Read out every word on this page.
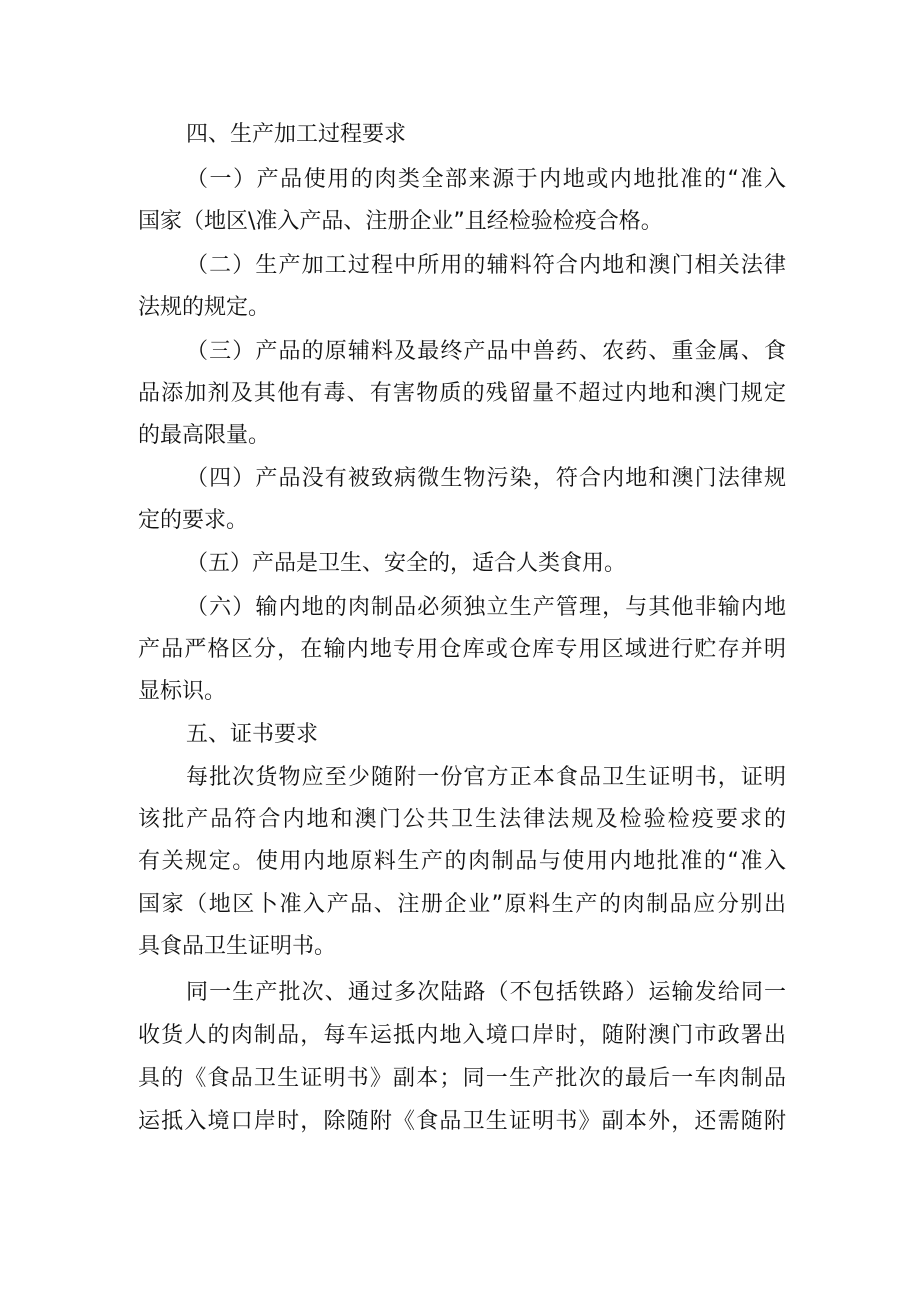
四、生产加工过程要求
（一）产品使用的肉类全部来源于内地或内地批准的“准入
国家（地区\准入产品、注册企业”且经检验检疫合格。
（二）生产加工过程中所用的辅料符合内地和澳门相关法律
法规的规定。
（三）产品的原辅料及最终产品中兽药、农药、重金属、食
品添加剂及其他有毒、有害物质的残留量不超过内地和澳门规定
的最高限量。
（四）产品没有被致病微生物污染，符合内地和澳门法律规
定的要求。
（五）产品是卫生、安全的，适合人类食用。
（六）输内地的肉制品必须独立生产管理，与其他非输内地
产品严格区分，在输内地专用仓库或仓库专用区域进行贮存并明
显标识。
五、证书要求
每批次货物应至少随附一份官方正本食品卫生证明书，证明
该批产品符合内地和澳门公共卫生法律法规及检验检疫要求的
有关规定。使用内地原料生产的肉制品与使用内地批准的“准入
国家（地区卜准入产品、注册企业”原料生产的肉制品应分别出
具食品卫生证明书。
同一生产批次、通过多次陆路（不包括铁路）运输发给同一
收货人的肉制品，每车运抵内地入境口岸时，随附澳门市政署出
具的《食品卫生证明书》副本；同一生产批次的最后一车肉制品
运抵入境口岸时，除随附《食品卫生证明书》副本外，还需随附
